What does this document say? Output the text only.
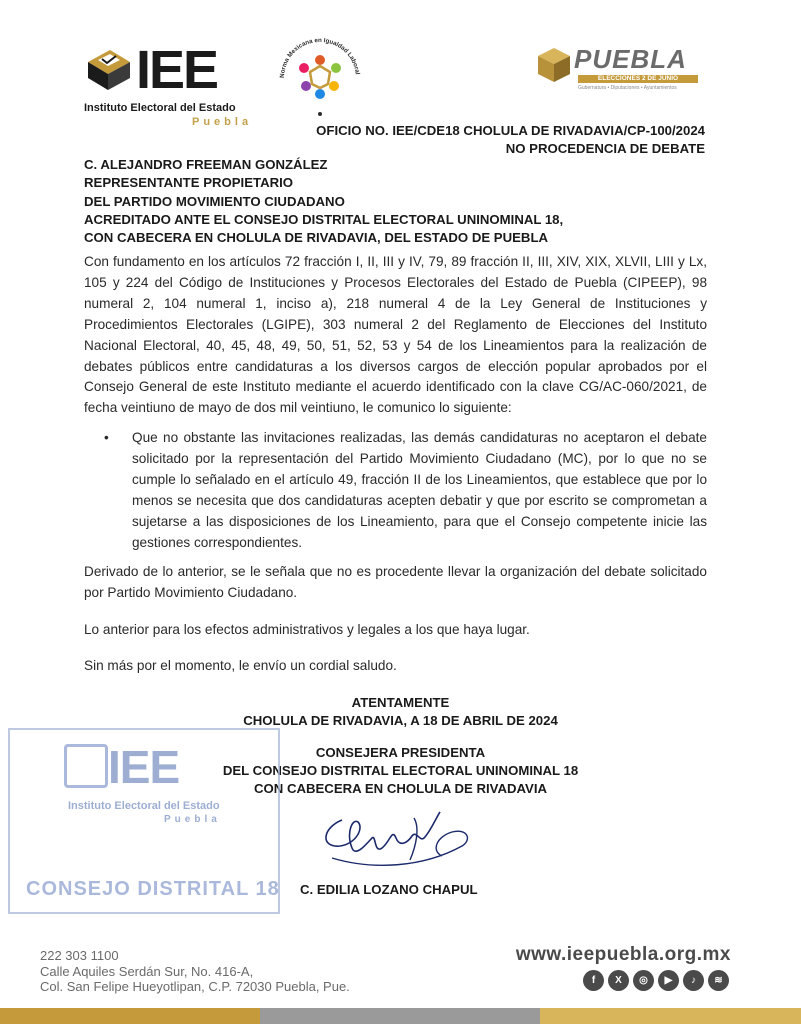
IEE
Instituto Electoral del Estado
Puebla
Norma Mexicana en Igualdad Laboral	PUEBLA
ELECCIONES 2 DE JUNIO
Gubernatura • Diputaciones • Ayuntamientos
OFICIO NO. IEE/CDE18 CHOLULA DE RIVADAVIA/CP-100/2024
NO PROCEDENCIA DE DEBATE
C. ALEJANDRO FREEMAN GONZÁLEZ
REPRESENTANTE PROPIETARIO
DEL PARTIDO MOVIMIENTO CIUDADANO
ACREDITADO ANTE EL CONSEJO DISTRITAL ELECTORAL UNINOMINAL 18,
CON CABECERA EN CHOLULA DE RIVADAVIA, DEL ESTADO DE PUEBLA

Con fundamento en los artículos 72 fracción I, II, III y IV, 79, 89 fracción II, III, XIV, XIX, XLVII, LIII y Lx, 105 y 224 del Código de Instituciones y Procesos Electorales del Estado de Puebla (CIPEEP), 98 numeral 2, 104 numeral 1, inciso a), 218 numeral 4 de la Ley General de Instituciones y Procedimientos Electorales (LGIPE), 303 numeral 2 del Reglamento de Elecciones del Instituto Nacional Electoral, 40, 45, 48, 49, 50, 51, 52, 53 y 54 de los Lineamientos para la realización de debates públicos entre candidaturas a los diversos cargos de elección popular aprobados por el Consejo General de este Instituto mediante el acuerdo identificado con la clave CG/AC-060/2021, de fecha veintiuno de mayo de dos mil veintiuno, le comunico lo siguiente:

• Que no obstante las invitaciones realizadas, las demás candidaturas no aceptaron el debate solicitado por la representación del Partido Movimiento Ciudadano (MC), por lo que no se cumple lo señalado en el artículo 49, fracción II de los Lineamientos, que establece que por lo menos se necesita que dos candidaturas acepten debatir y que por escrito se comprometan a sujetarse a las disposiciones de los Lineamiento, para que el Consejo competente inicie las gestiones correspondientes.

Derivado de lo anterior, se le señala que no es procedente llevar la organización del debate solicitado por Partido Movimiento Ciudadano.

Lo anterior para los efectos administrativos y legales a los que haya lugar.

Sin más por el momento, le envío un cordial saludo.

ATENTAMENTE
CHOLULA DE RIVADAVIA, A 18 DE ABRIL DE 2024
CONSEJERA PRESIDENTA
DEL CONSEJO DISTRITAL ELECTORAL UNINOMINAL 18
CON CABECERA EN CHOLULA DE RIVADAVIA
IEE
Instituto Electoral del Estado
Puebla
CONSEJO DISTRITAL 18 C. EDILIA LOZANO CHAPUL
222 303 1100
Calle Aquiles Serdán Sur, No. 416-A,
Col. San Felipe Hueyotlipan, C.P. 72030 Puebla, Pue.
www.ieepuebla.org.mx
f	X	◎	▶	♪	≋
